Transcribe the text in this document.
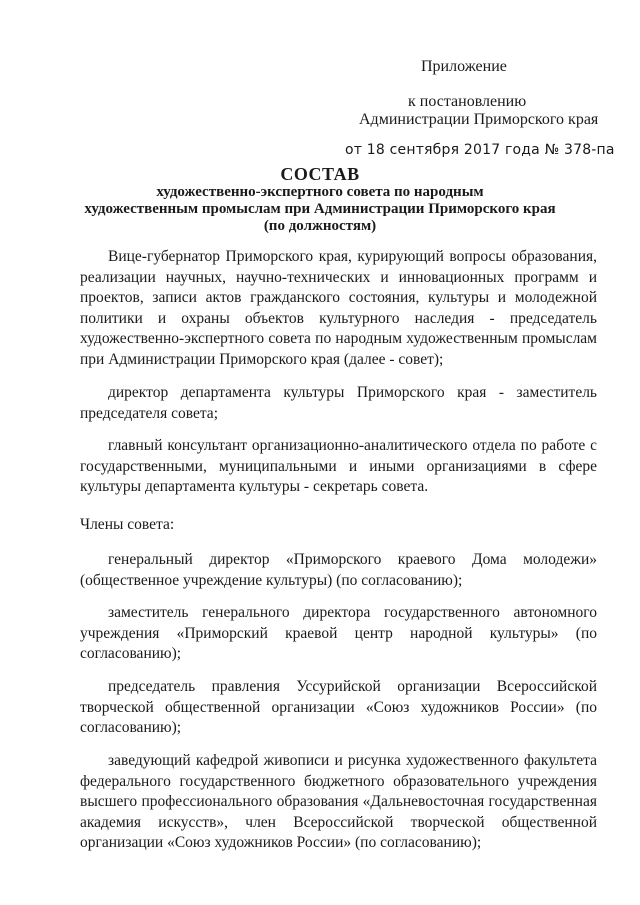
Приложение
к постановлению
Администрации Приморского края
от 18 сентября 2017 года № 378-па
СОСТАВ
художественно-экспертного совета по народным
художественным промыслам при Администрации Приморского края
(по должностям)

Вице-губернатор Приморского края, курирующий вопросы образования, реализации научных, научно-технических и инновационных программ и проектов, записи актов гражданского состояния, культуры и молодежной политики и охраны объектов культурного наследия - председатель художественно-экспертного совета по народным художественным промыслам при Администрации Приморского края (далее - совет);

директор департамента культуры Приморского края - заместитель председателя совета;

главный консультант организационно-аналитического отдела по работе с государственными, муниципальными и иными организациями в сфере культуры департамента культуры - секретарь совета.

Члены совета:

генеральный директор «Приморского краевого Дома молодежи» (общественное учреждение культуры) (по согласованию);

заместитель генерального директора государственного автономного учреждения «Приморский краевой центр народной культуры» (по согласованию);

председатель правления Уссурийской организации Всероссийской творческой общественной организации «Союз художников России» (по согласованию);

заведующий кафедрой живописи и рисунка художественного факультета федерального государственного бюджетного образовательного учреждения высшего профессионального образования «Дальневосточная государственная академия искусств», член Всероссийской творческой общественной организации «Союз художников России» (по согласованию);
